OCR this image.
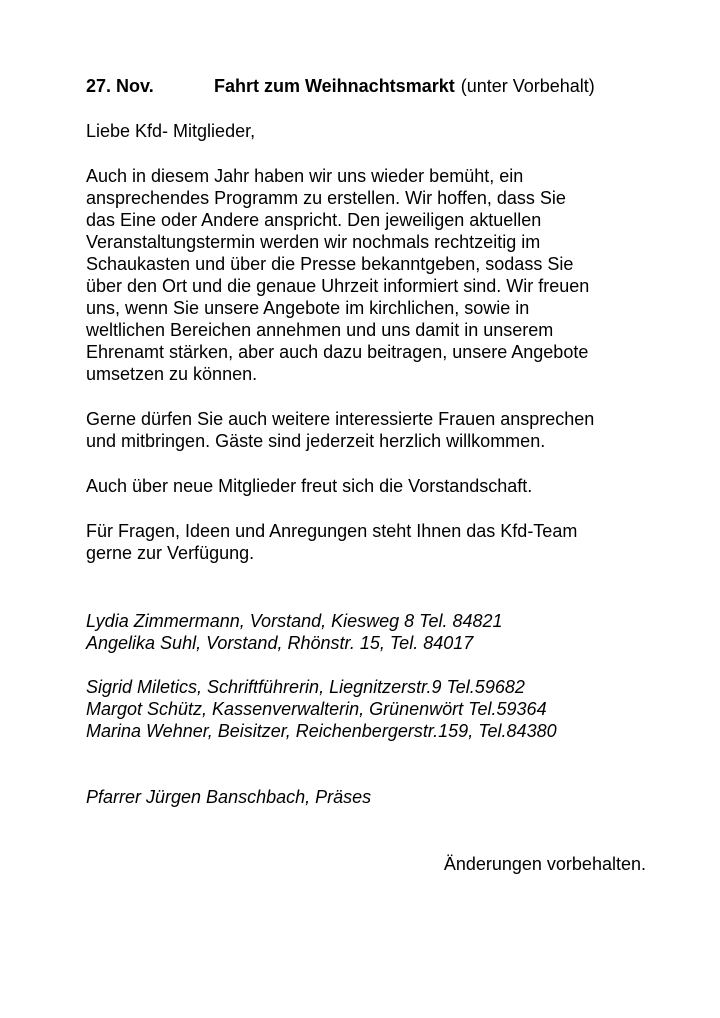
27. Nov.	Fahrt zum Weihnachtsmarkt (unter Vorbehalt)
Liebe Kfd- Mitglieder,
Auch in diesem Jahr haben wir uns wieder bemüht, ein
ansprechendes Programm zu erstellen. Wir hoffen, dass Sie
das Eine oder Andere anspricht. Den jeweiligen aktuellen
Veranstaltungstermin werden wir nochmals rechtzeitig im
Schaukasten und über die Presse bekanntgeben, sodass Sie
über den Ort und die genaue Uhrzeit informiert sind. Wir freuen
uns, wenn Sie unsere Angebote im kirchlichen, sowie in
weltlichen Bereichen annehmen und uns damit in unserem
Ehrenamt stärken, aber auch dazu beitragen, unsere Angebote
umsetzen zu können.
Gerne dürfen Sie auch weitere interessierte Frauen ansprechen
und mitbringen. Gäste sind jederzeit herzlich willkommen.
Auch über neue Mitglieder freut sich die Vorstandschaft.
Für Fragen, Ideen und Anregungen steht Ihnen das Kfd-Team
gerne zur Verfügung.
Lydia Zimmermann, Vorstand, Kiesweg 8 Tel. 84821
Angelika Suhl, Vorstand, Rhönstr. 15, Tel. 84017
Sigrid Miletics, Schriftführerin, Liegnitzerstr.9 Tel.59682
Margot Schütz, Kassenverwalterin, Grünenwört Tel.59364
Marina Wehner, Beisitzer, Reichenbergerstr.159, Tel.84380
Pfarrer Jürgen Banschbach, Präses
Änderungen vorbehalten.
